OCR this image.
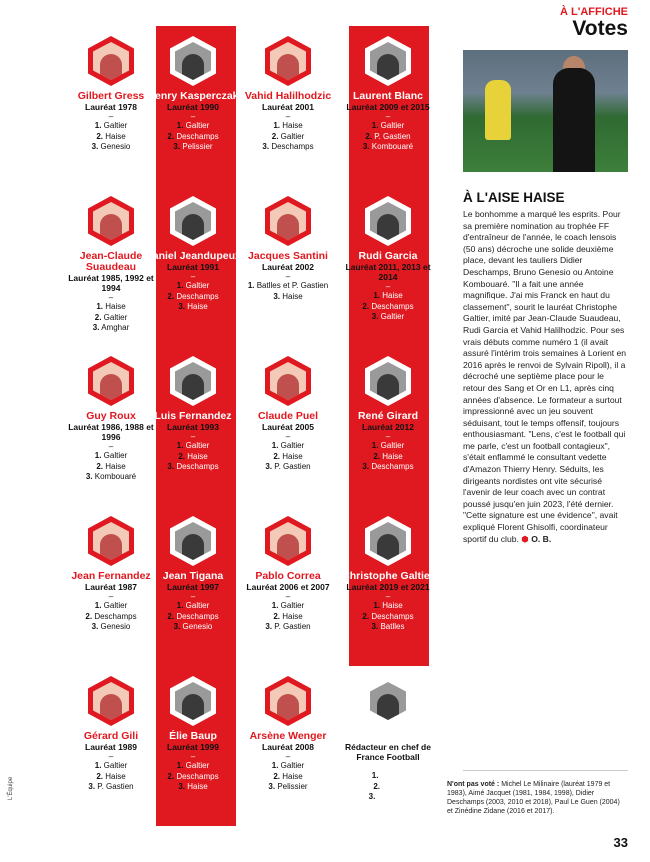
Gilbert Gress
Lauréat 1978
–
1. Galtier
2. Haise
3. Genesio
Jean-Claude Suaudeau
Lauréat 1985, 1992 et 1994
–
1. Haise
2. Galtier
3. Amghar
Guy Roux
Lauréat 1986, 1988 et 1996
–
1. Galtier
2. Haise
3. Kombouaré
Jean Fernandez
Lauréat 1987
–
1. Galtier
2. Deschamps
3. Genesio
Gérard Gili
Lauréat 1989
–
1. Galtier
2. Haise
3. P. Gastien
Henry Kasperczak
Lauréat 1990
–
1. Galtier
2. Deschamps
3. Pelissier
Daniel Jeandupeux
Lauréat 1991
–
1. Galtier
2. Deschamps
3. Haise
Luis Fernandez
Lauréat 1993
–
1. Galtier
2. Haise
3. Deschamps
Jean Tigana
Lauréat 1997
–
1. Galtier
2. Deschamps
3. Genesio
Élie Baup
Lauréat 1999
–
1. Galtier
2. Deschamps
3. Haise
Vahid Halilhodzic
Lauréat 2001
–
1. Haise
2. Galtier
3. Deschamps
Jacques Santini
Lauréat 2002
–
1. Batlles et P. Gastien
3. Haise
Claude Puel
Lauréat 2005
–
1. Galtier
2. Haise
3. P. Gastien
Pablo Correa
Lauréat 2006 et 2007
–
1. Galtier
2. Haise
3. P. Gastien
Arsène Wenger
Lauréat 2008
–
1. Galtier
2. Haise
3. Pelissier
Laurent Blanc
Lauréat 2009 et 2015
–
1. Galtier
2. P. Gastien
3. Kombouaré
Rudi Garcia
Lauréat 2011, 2013 et 2014
–
1. Haise
2. Deschamps
3. Galtier
René Girard
Lauréat 2012
–
1. Galtier
2. Haise
3. Deschamps
Christophe Galtier
Lauréat 2019 et 2021
–
1. Haise
2. Deschamps
3. Batlles
Pascal Ferré
Rédacteur en chef de France Football
–
1. Galtier
2. Haise
3. Genesio
À L'AFFICHE
Votes
À L'AISE HAISE

Le bonhomme a marqué les esprits. Pour sa première nomination au trophée FF d'entraîneur de l'année, le coach lensois (50 ans) décroche une solide deuxième place, devant les tauliers Didier Deschamps, Bruno Genesio ou Antoine Kombouaré. "Il a fait une année magnifique. J'ai mis Franck en haut du classement", sourit le lauréat Christophe Galtier, imité par Jean-Claude Suaudeau, Rudi Garcia et Vahid Halilhodzic. Pour ses vrais débuts comme numéro 1 (il avait assuré l'intérim trois semaines à Lorient en 2016 après le renvoi de Sylvain Ripoll), il a décroché une septième place pour le retour des Sang et Or en L1, après cinq années d'absence. Le formateur a surtout impressionné avec un jeu souvent séduisant, tout le temps offensif, toujours enthousiasmant. "Lens, c'est le football qui me parle, c'est un football contagieux", s'était enflammé le consultant vedette d'Amazon Thierry Henry. Séduits, les dirigeants nordistes ont vite sécurisé l'avenir de leur coach avec un contrat poussé jusqu'en juin 2023, l'été dernier. "Cette signature est une évidence", avait expliqué Florent Ghisolfi, coordinateur sportif du club. ⬢ O. B.

N'ont pas voté : Michel Le Milinaire (lauréat 1979 et 1983), Aimé Jacquet (1981, 1984, 1998), Didier Deschamps (2003, 2010 et 2018), Paul Le Guen (2004) et Zinédine Zidane (2016 et 2017).
33
L'Équipe
